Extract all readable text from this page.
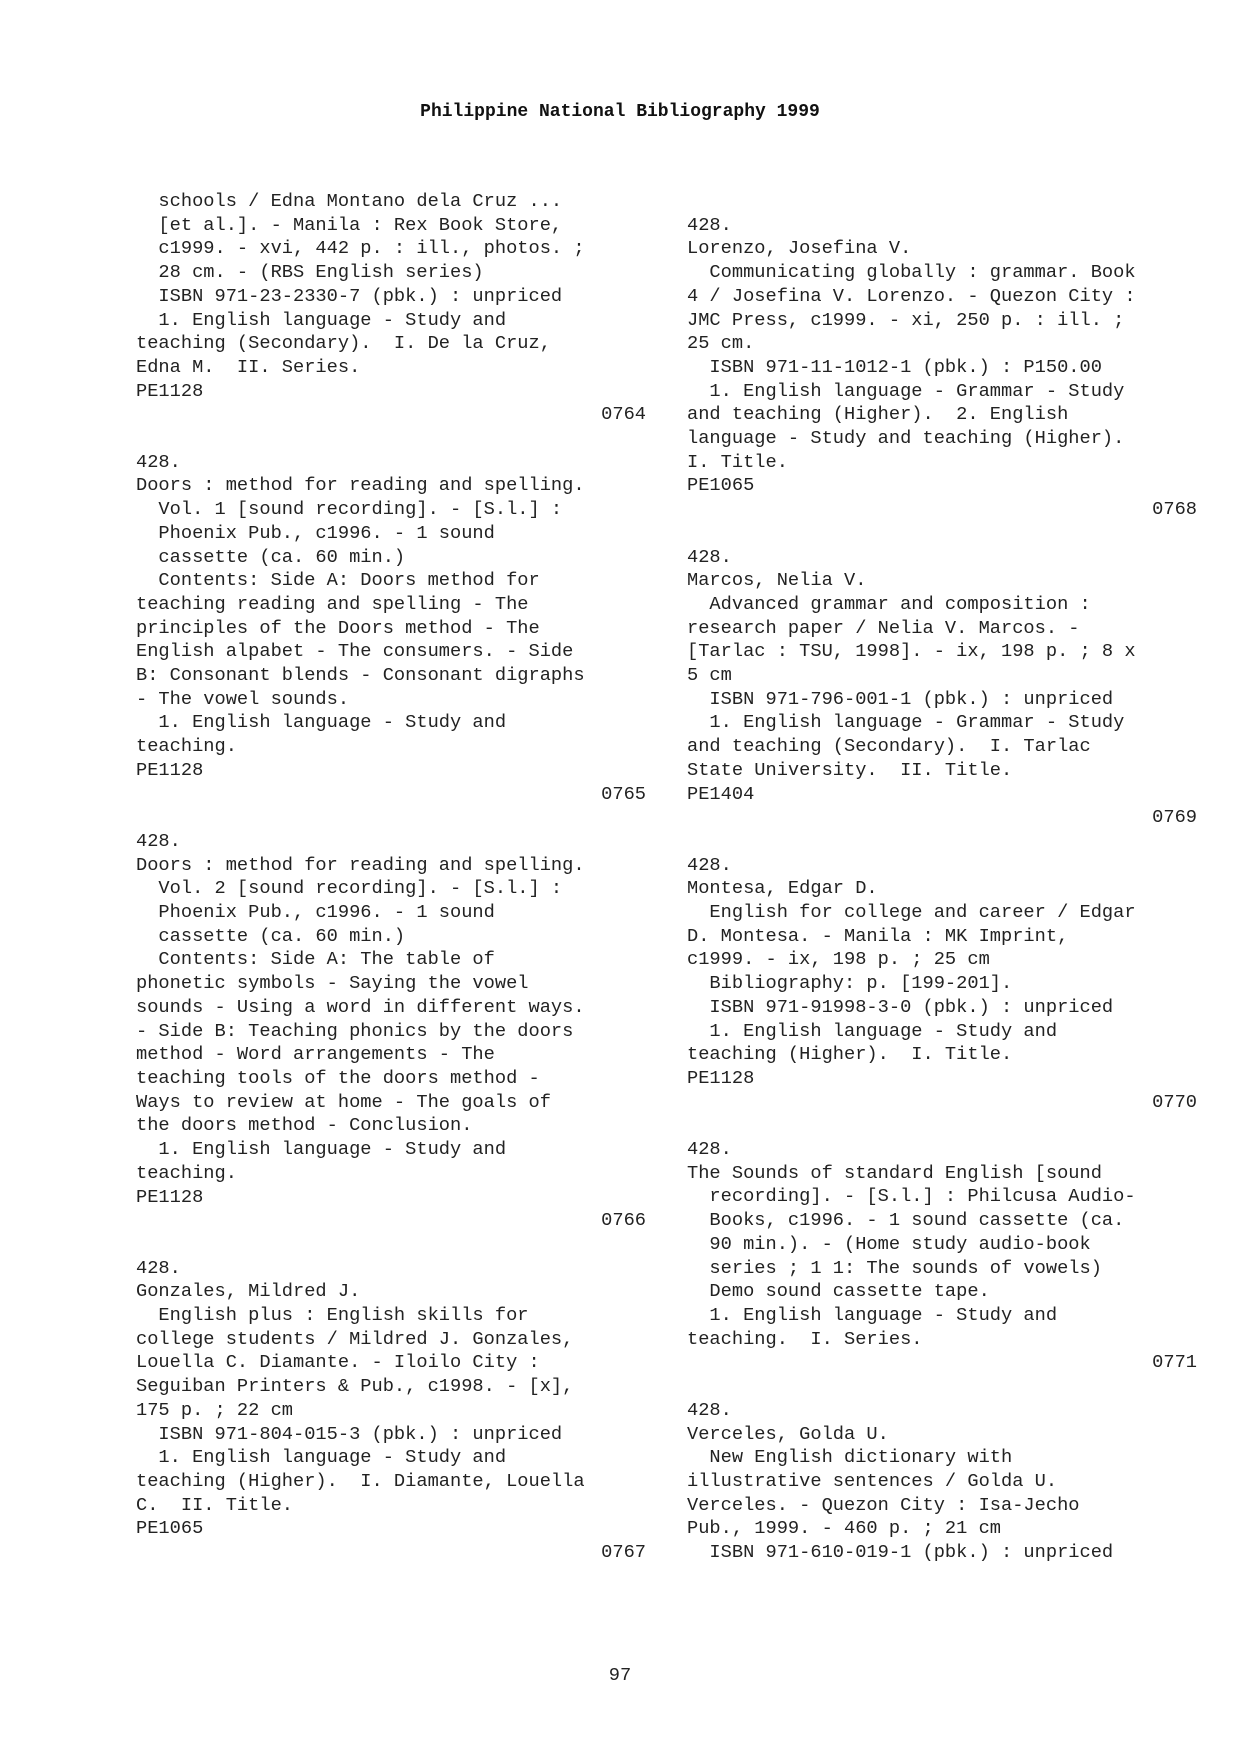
Philippine National Bibliography 1999
schools / Edna Montano dela Cruz ...
[et al.]. - Manila : Rex Book Store,
c1999. - xvi, 442 p. : ill., photos. ;
28 cm. - (RBS English series)
ISBN 971-23-2330-7 (pbk.) : unpriced
1. English language - Study and
teaching (Secondary).  I. De la Cruz,
Edna M.  II. Series.
PE1128
0764
428.
Doors : method for reading and spelling.
Vol. 1 [sound recording]. - [S.l.] :
Phoenix Pub., c1996. - 1 sound
cassette (ca. 60 min.)
Contents: Side A: Doors method for
teaching reading and spelling - The
principles of the Doors method - The
English alpabet - The consumers. - Side
B: Consonant blends - Consonant digraphs
- The vowel sounds.
1. English language - Study and
teaching.
PE1128
0765
428.
Doors : method for reading and spelling.
Vol. 2 [sound recording]. - [S.l.] :
Phoenix Pub., c1996. - 1 sound
cassette (ca. 60 min.)
Contents: Side A: The table of
phonetic symbols - Saying the vowel
sounds - Using a word in different ways.
- Side B: Teaching phonics by the doors
method - Word arrangements - The
teaching tools of the doors method -
Ways to review at home - The goals of
the doors method - Conclusion.
1. English language - Study and
teaching.
PE1128
0766
428.
Gonzales, Mildred J.
English plus : English skills for
college students / Mildred J. Gonzales,
Louella C. Diamante. - Iloilo City :
Seguiban Printers & Pub., c1998. - [x],
175 p. ; 22 cm
ISBN 971-804-015-3 (pbk.) : unpriced
1. English language - Study and
teaching (Higher).  I. Diamante, Louella
C.  II. Title.
PE1065
0767

428.
Lorenzo, Josefina V.
Communicating globally : grammar. Book
4 / Josefina V. Lorenzo. - Quezon City :
JMC Press, c1999. - xi, 250 p. : ill. ;
25 cm.
ISBN 971-11-1012-1 (pbk.) : P150.00
1. English language - Grammar - Study
and teaching (Higher).  2. English
language - Study and teaching (Higher).
I. Title.
PE1065
0768
428.
Marcos, Nelia V.
Advanced grammar and composition :
research paper / Nelia V. Marcos. -
[Tarlac : TSU, 1998]. - ix, 198 p. ; 8 x
5 cm
ISBN 971-796-001-1 (pbk.) : unpriced
1. English language - Grammar - Study
and teaching (Secondary).  I. Tarlac
State University.  II. Title.
PE1404
0769
428.
Montesa, Edgar D.
English for college and career / Edgar
D. Montesa. - Manila : MK Imprint,
c1999. - ix, 198 p. ; 25 cm
Bibliography: p. [199-201].
ISBN 971-91998-3-0 (pbk.) : unpriced
1. English language - Study and
teaching (Higher).  I. Title.
PE1128
0770
428.
The Sounds of standard English [sound
recording]. - [S.l.] : Philcusa Audio-
Books, c1996. - 1 sound cassette (ca.
90 min.). - (Home study audio-book
series ; 1 1: The sounds of vowels)
Demo sound cassette tape.
1. English language - Study and
teaching.  I. Series.
0771
428.
Verceles, Golda U.
New English dictionary with
illustrative sentences / Golda U.
Verceles. - Quezon City : Isa-Jecho
Pub., 1999. - 460 p. ; 21 cm
ISBN 971-610-019-1 (pbk.) : unpriced
97
